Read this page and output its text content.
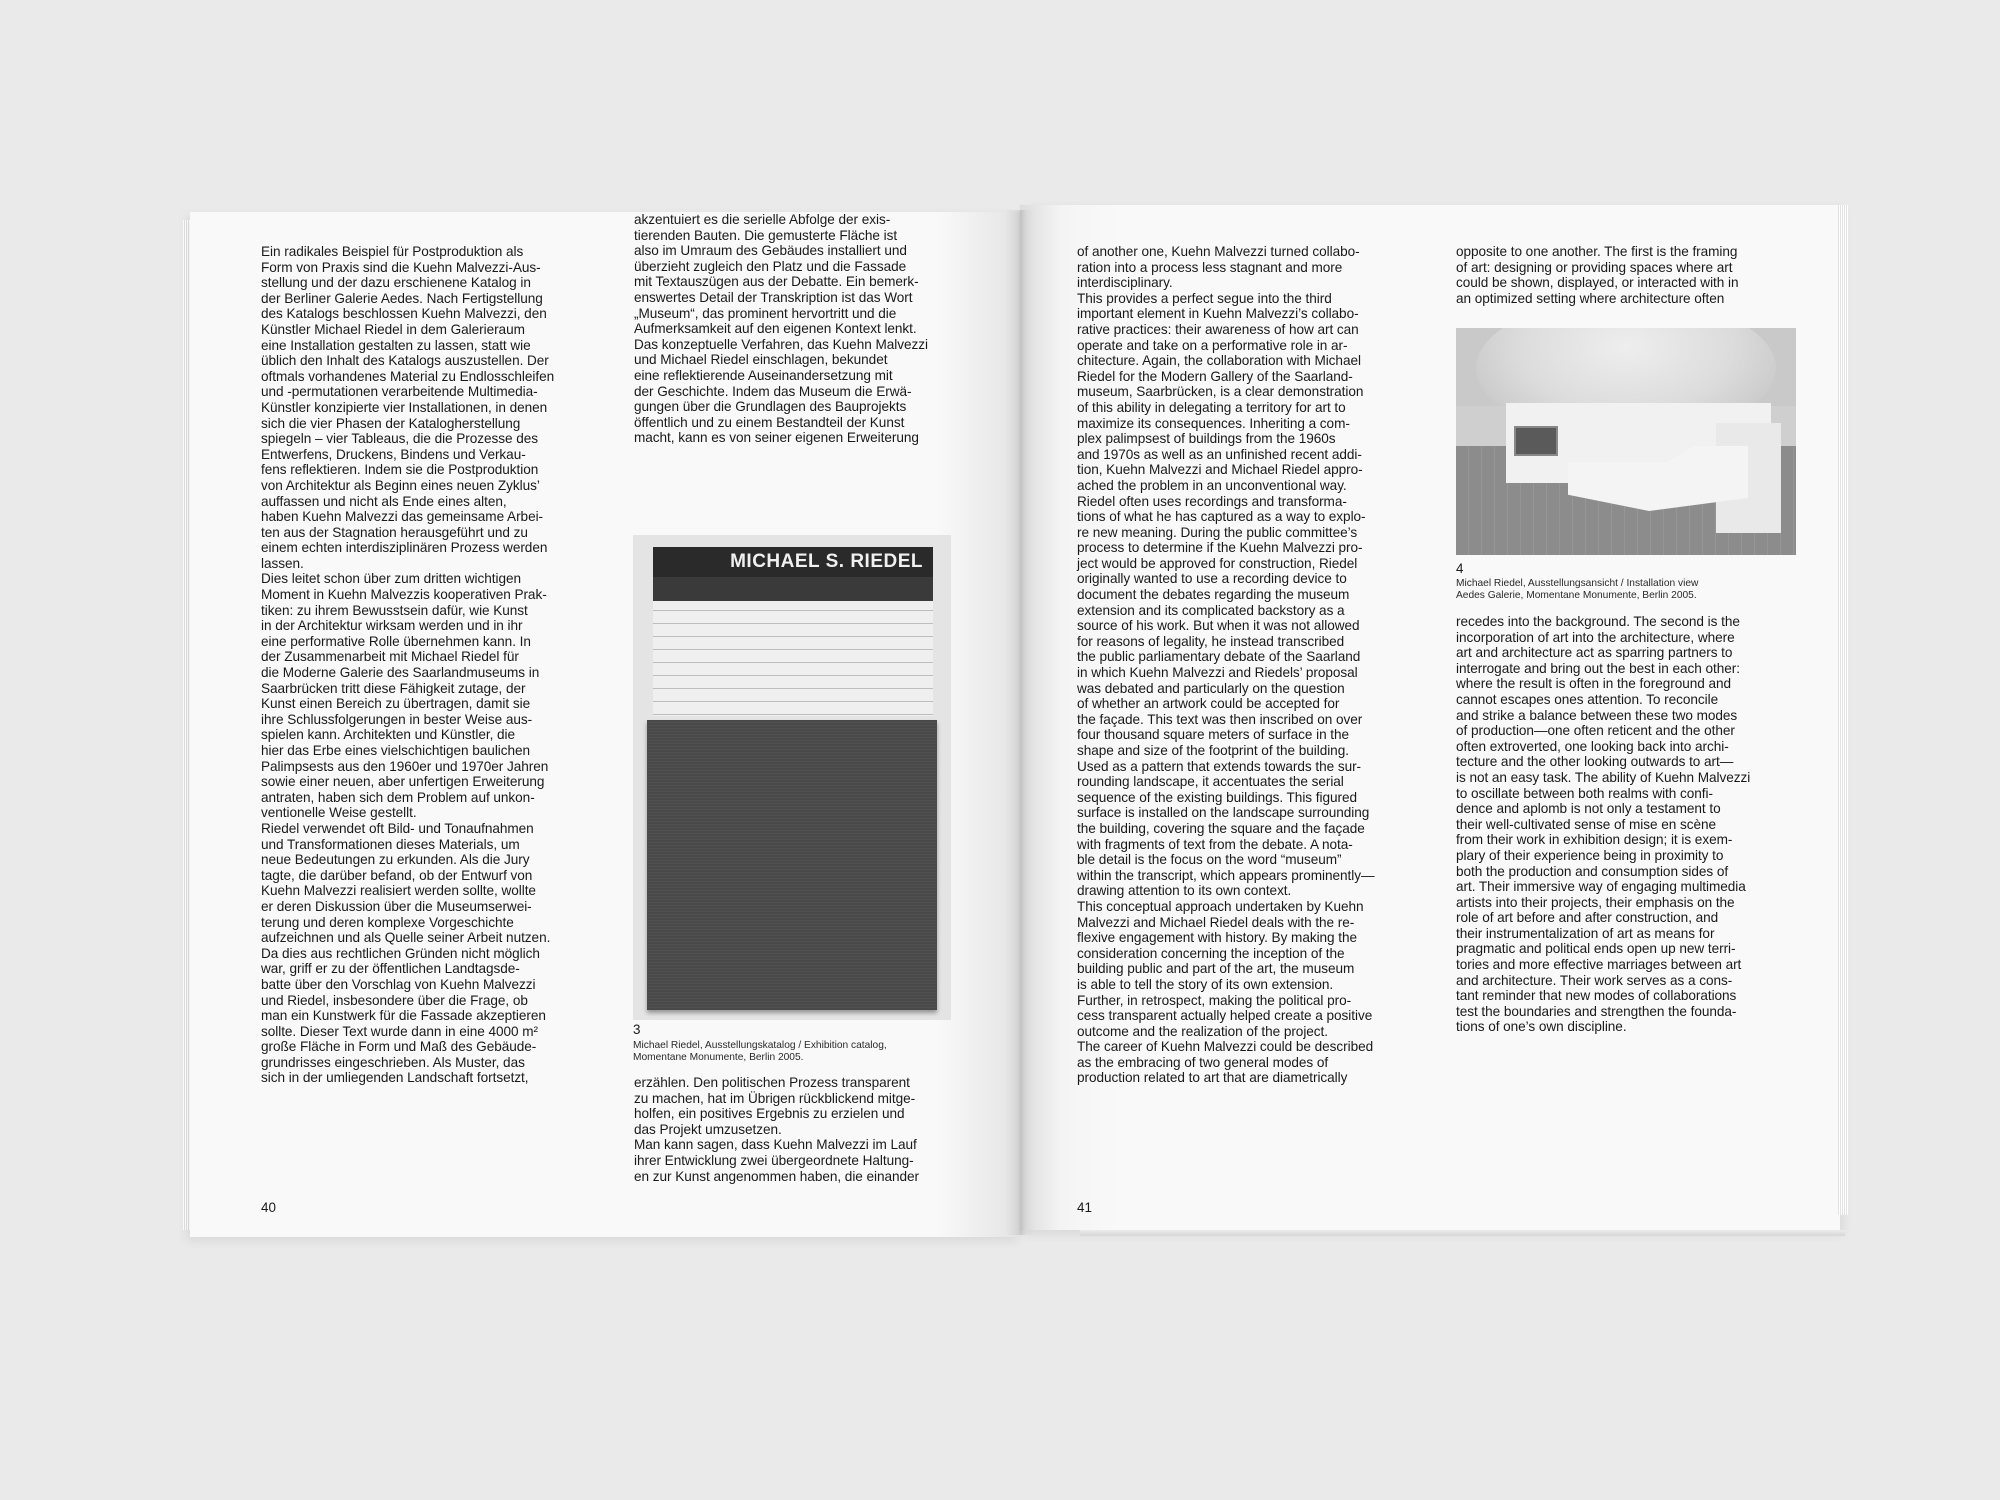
Ein radikales Beispiel für Postproduktion als
Form von Praxis sind die Kuehn Malvezzi-Aus-
stellung und der dazu erschienene Katalog in
der Berliner Galerie Aedes. Nach Fertigstellung
des Katalogs beschlossen Kuehn Malvezzi, den
Künstler Michael Riedel in dem Galerieraum
eine Installation gestalten zu lassen, statt wie
üblich den Inhalt des Katalogs auszustellen. Der
oftmals vorhandenes Material zu Endlosschleifen
und -permutationen verarbeitende Multimedia-
Künstler konzipierte vier Installationen, in denen
sich die vier Phasen der Katalogherstellung
spiegeln – vier Tableaus, die die Prozesse des
Entwerfens, Druckens, Bindens und Verkau-
fens reflektieren. Indem sie die Postproduktion
von Architektur als Beginn eines neuen Zyklus’
auffassen und nicht als Ende eines alten,
haben Kuehn Malvezzi das gemeinsame Arbei-
ten aus der Stagnation herausgeführt und zu
einem echten interdisziplinären Prozess werden
lassen.
Dies leitet schon über zum dritten wichtigen
Moment in Kuehn Malvezzis kooperativen Prak-
tiken: zu ihrem Bewusstsein dafür, wie Kunst
in der Architektur wirksam werden und in ihr
eine performative Rolle übernehmen kann. In
der Zusammenarbeit mit Michael Riedel für
die Moderne Galerie des Saarlandmuseums in
Saarbrücken tritt diese Fähigkeit zutage, der
Kunst einen Bereich zu übertragen, damit sie
ihre Schlussfolgerungen in bester Weise aus-
spielen kann. Architekten und Künstler, die
hier das Erbe eines vielschichtigen baulichen
Palimpsests aus den 1960er und 1970er Jahren
sowie einer neuen, aber unfertigen Erweiterung
antraten, haben sich dem Problem auf unkon-
ventionelle Weise gestellt.
Riedel verwendet oft Bild- und Tonaufnahmen
und Transformationen dieses Materials, um
neue Bedeutungen zu erkunden. Als die Jury
tagte, die darüber befand, ob der Entwurf von
Kuehn Malvezzi realisiert werden sollte, wollte
er deren Diskussion über die Museumserwei-
terung und deren komplexe Vorgeschichte
aufzeichnen und als Quelle seiner Arbeit nutzen.
Da dies aus rechtlichen Gründen nicht möglich
war, griff er zu der öffentlichen Landtagsde-
batte über den Vorschlag von Kuehn Malvezzi
und Riedel, insbesondere über die Frage, ob
man ein Kunstwerk für die Fassade akzeptieren
sollte. Dieser Text wurde dann in eine 4000 m²
große Fläche in Form und Maß des Gebäude-
grundrisses eingeschrieben. Als Muster, das
sich in der umliegenden Landschaft fortsetzt,
akzentuiert es die serielle Abfolge der exis-
tierenden Bauten. Die gemusterte Fläche ist
also im Umraum des Gebäudes installiert und
überzieht zugleich den Platz und die Fassade
mit Textauszügen aus der Debatte. Ein bemerk-
enswertes Detail der Transkription ist das Wort
„Museum“, das prominent hervortritt und die
Aufmerksamkeit auf den eigenen Kontext lenkt.
Das konzeptuelle Verfahren, das Kuehn Malvezzi
und Michael Riedel einschlagen, bekundet
eine reflektierende Auseinandersetzung mit
der Geschichte. Indem das Museum die Erwä-
gungen über die Grundlagen des Bauprojekts
öffentlich und zu einem Bestandteil der Kunst
macht, kann es von seiner eigenen Erweiterung
MICHAEL S. RIEDEL
3
Michael Riedel, Ausstellungskatalog / Exhibition catalog,
Momentane Monumente, Berlin 2005.
erzählen. Den politischen Prozess transparent
zu machen, hat im Übrigen rückblickend mitge-
holfen, ein positives Ergebnis zu erzielen und
das Projekt umzusetzen.
Man kann sagen, dass Kuehn Malvezzi im Lauf
ihrer Entwicklung zwei übergeordnete Haltung-
en zur Kunst angenommen haben, die einander
40
of another one, Kuehn Malvezzi turned collabo-
ration into a process less stagnant and more
interdisciplinary.
This provides a perfect segue into the third
important element in Kuehn Malvezzi’s collabo-
rative practices: their awareness of how art can
operate and take on a performative role in ar-
chitecture. Again, the collaboration with Michael
Riedel for the Modern Gallery of the Saarland-
museum, Saarbrücken, is a clear demonstration
of this ability in delegating a territory for art to
maximize its consequences. Inheriting a com-
plex palimpsest of buildings from the 1960s
and 1970s as well as an unfinished recent addi-
tion, Kuehn Malvezzi and Michael Riedel appro-
ached the problem in an unconventional way.
Riedel often uses recordings and transforma-
tions of what he has captured as a way to explo-
re new meaning. During the public committee’s
process to determine if the Kuehn Malvezzi pro-
ject would be approved for construction, Riedel
originally wanted to use a recording device to
document the debates regarding the museum
extension and its complicated backstory as a
source of his work. But when it was not allowed
for reasons of legality, he instead transcribed
the public parliamentary debate of the Saarland
in which Kuehn Malvezzi and Riedels’ proposal
was debated and particularly on the question
of whether an artwork could be accepted for
the façade. This text was then inscribed on over
four thousand square meters of surface in the
shape and size of the footprint of the building.
Used as a pattern that extends towards the sur-
rounding landscape, it accentuates the serial
sequence of the existing buildings. This figured
surface is installed on the landscape surrounding
the building, covering the square and the façade
with fragments of text from the debate. A nota-
ble detail is the focus on the word “museum”
within the transcript, which appears prominently—
drawing attention to its own context.
This conceptual approach undertaken by Kuehn
Malvezzi and Michael Riedel deals with the re-
flexive engagement with history. By making the
consideration concerning the inception of the
building public and part of the art, the museum
is able to tell the story of its own extension.
Further, in retrospect, making the political pro-
cess transparent actually helped create a positive
outcome and the realization of the project.
The career of Kuehn Malvezzi could be described
as the embracing of two general modes of
production related to art that are diametrically
opposite to one another. The first is the framing
of art: designing or providing spaces where art
could be shown, displayed, or interacted with in
an optimized setting where architecture often
4
Michael Riedel, Ausstellungsansicht / Installation view
Aedes Galerie, Momentane Monumente, Berlin 2005.
recedes into the background. The second is the
incorporation of art into the architecture, where
art and architecture act as sparring partners to
interrogate and bring out the best in each other:
where the result is often in the foreground and
cannot escapes ones attention. To reconcile
and strike a balance between these two modes
of production—one often reticent and the other
often extroverted, one looking back into archi-
tecture and the other looking outwards to art—
is not an easy task. The ability of Kuehn Malvezzi
to oscillate between both realms with confi-
dence and aplomb is not only a testament to
their well-cultivated sense of mise en scène
from their work in exhibition design; it is exem-
plary of their experience being in proximity to
both the production and consumption sides of
art. Their immersive way of engaging multimedia
artists into their projects, their emphasis on the
role of art before and after construction, and
their instrumentalization of art as means for
pragmatic and political ends open up new terri-
tories and more effective marriages between art
and architecture. Their work serves as a cons-
tant reminder that new modes of collaborations
test the boundaries and strengthen the founda-
tions of one’s own discipline.
41
